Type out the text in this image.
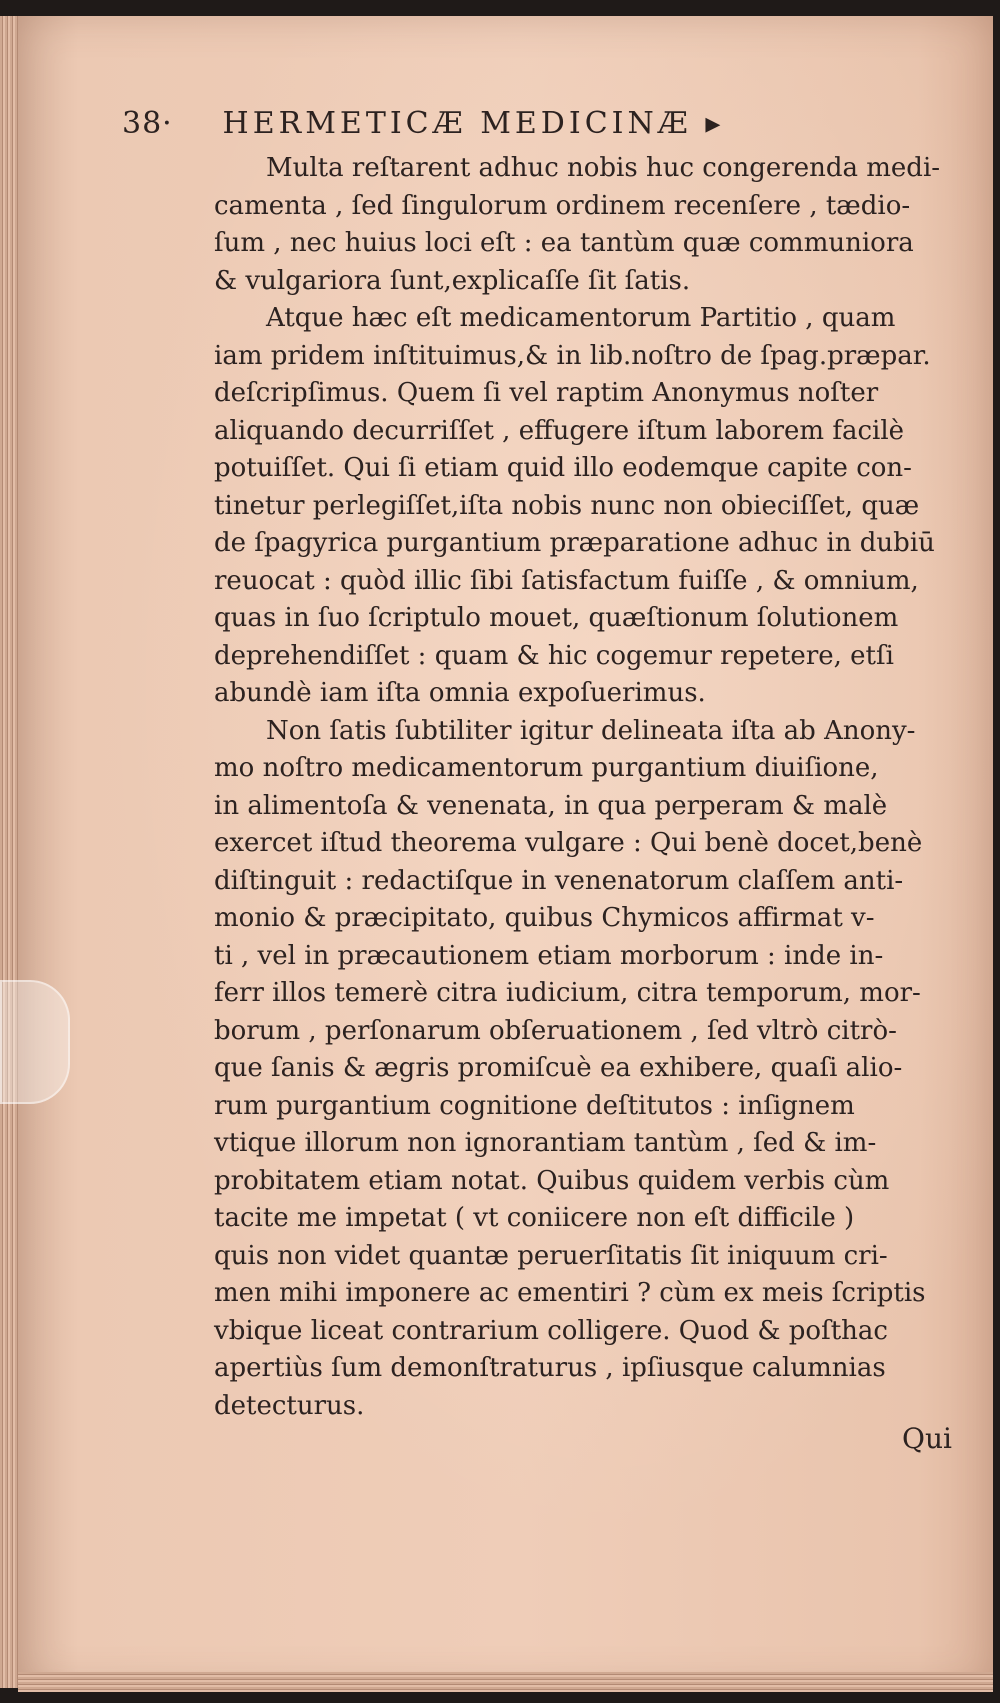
38· HERMETICÆ MEDICINÆ ▸
Multa reſtarent adhuc nobis huc congerenda medi-
camenta , ſed ſingulorum ordinem recenſere , tædio-
ſum , nec huius loci eſt : ea tantùm quæ communiora
& vulgariora ſunt,explicaſſe ſit ſatis.
Atque hæc eſt medicamentorum Partitio , quam
iam pridem inſtituimus,& in lib.noſtro de ſpag.præpar.
deſcripſimus. Quem ſi vel raptim Anonymus noſter
aliquando decurriſſet , effugere iſtum laborem facilè
potuiſſet. Qui ſi etiam quid illo eodemque capite con-
tinetur perlegiſſet,iſta nobis nunc non obieciſſet, quæ
de ſpagyrica purgantium præparatione adhuc in dubiū
reuocat : quòd illic ſibi ſatisfactum fuiſſe , & omnium,
quas in ſuo ſcriptulo mouet, quæſtionum ſolutionem
deprehendiſſet : quam & hic cogemur repetere, etſi
abundè iam iſta omnia expoſuerimus.
Non ſatis ſubtiliter igitur delineata iſta ab Anony-
mo noſtro medicamentorum purgantium diuiſione,
in alimentoſa & venenata, in qua perperam & malè
exercet iſtud theorema vulgare : Qui benè docet,benè
diſtinguit : redactiſque in venenatorum claſſem anti-
monio & præcipitato, quibus Chymicos affirmat v-
ti , vel in præcautionem etiam morborum : inde in-
ferr illos temerè citra iudicium, citra temporum, mor-
borum , perſonarum obſeruationem , ſed vltrò citrò-
que ſanis & ægris promiſcuè ea exhibere, quaſi alio-
rum purgantium cognitione deſtitutos : inſignem
vtique illorum non ignorantiam tantùm , ſed & im-
probitatem etiam notat. Quibus quidem verbis cùm
tacite me impetat ( vt coniicere non eſt difficile )
quis non videt quantæ peruerſitatis ſit iniquum cri-
men mihi imponere ac ementiri ? cùm ex meis ſcriptis
vbique liceat contrarium colligere. Quod & poſthac
apertiùs ſum demonſtraturus , ipſiusque calumnias
detecturus.
Qui
